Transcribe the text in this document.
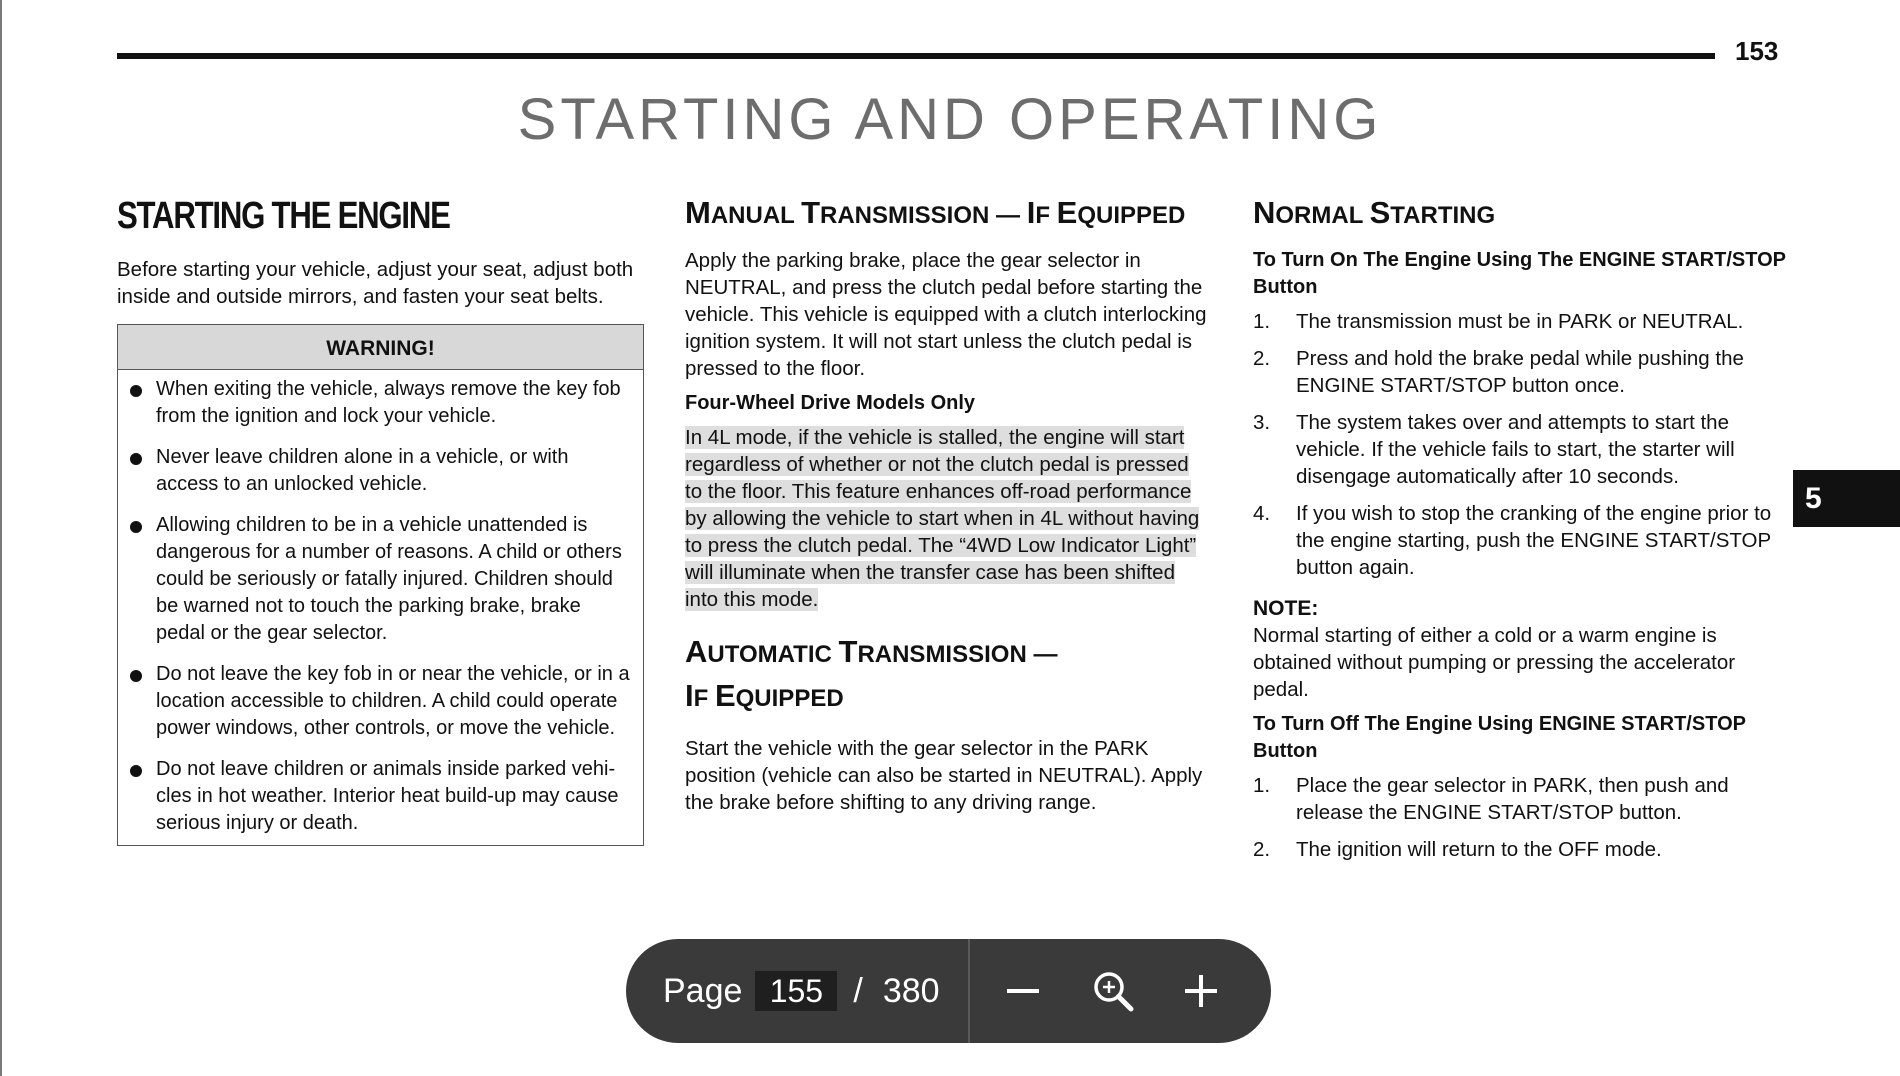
153
STARTING AND OPERATING
STARTING THE ENGINE

Before starting your vehicle, adjust your seat, adjust both inside and outside mirrors, and fasten your seat belts.

WARNING!
When exiting the vehicle, always remove the key fob from the ignition and lock your vehicle.
Never leave children alone in a vehicle, or with access to an unlocked vehicle.
Allowing children to be in a vehicle unattended is dangerous for a number of reasons. A child or others could be seriously or fatally injured. Children should be warned not to touch the parking brake, brake pedal or the gear selector.
Do not leave the key fob in or near the vehicle, or in a location accessible to children. A child could operate power windows, other controls, or move the vehicle.
Do not leave children or animals inside parked vehi-cles in hot weather. Interior heat build-up may cause serious injury or death.
MANUAL TRANSMISSION — IF EQUIPPED

Apply the parking brake, place the gear selector in NEUTRAL, and press the clutch pedal before starting the vehicle. This vehicle is equipped with a clutch interlocking ignition system. It will not start unless the clutch pedal is pressed to the floor.

Four-Wheel Drive Models Only

In 4L mode, if the vehicle is stalled, the engine will start regardless of whether or not the clutch pedal is pressed to the floor. This feature enhances off-road performance by allowing the vehicle to start when in 4L without having to press the clutch pedal. The “4WD Low Indicator Light” will illuminate when the transfer case has been shifted into this mode.

AUTOMATIC TRANSMISSION —
IF EQUIPPED

Start the vehicle with the gear selector in the PARK position (vehicle can also be started in NEUTRAL). Apply the brake before shifting to any driving range.

NORMAL STARTING
To Turn On The Engine Using The ENGINE START/STOP Button
1. The transmission must be in PARK or NEUTRAL.
2. Press and hold the brake pedal while pushing the ENGINE START/STOP button once.
3. The system takes over and attempts to start the vehicle. If the vehicle fails to start, the starter will disengage automatically after 10 seconds.
4. If you wish to stop the cranking of the engine prior to the engine starting, push the ENGINE START/STOP button again.
NOTE:

Normal starting of either a cold or a warm engine is obtained without pumping or pressing the accelerator pedal.

To Turn Off The Engine Using ENGINE START/STOP Button
1. Place the gear selector in PARK, then push and release the ENGINE START/STOP button.
2. The ignition will return to the OFF mode.
5
Page 155 / 380
